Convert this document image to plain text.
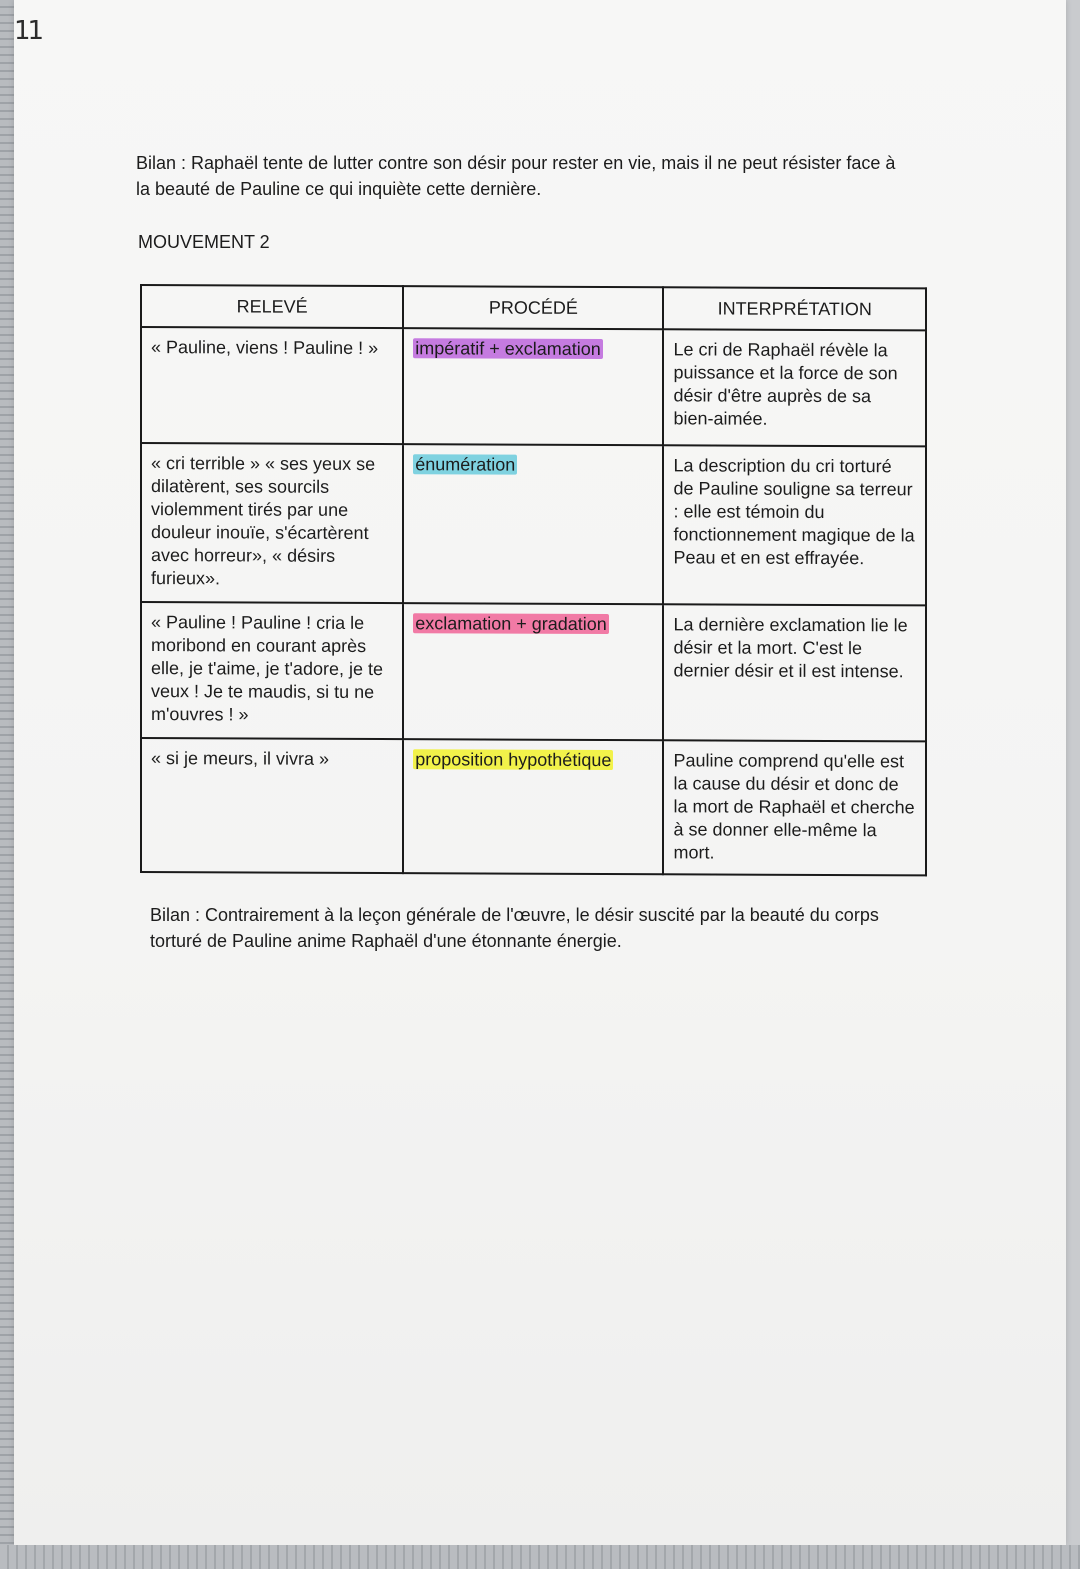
11
Bilan : Raphaël tente de lutter contre son désir pour rester en vie, mais il ne peut résister face à la beauté de Pauline ce qui inquiète cette dernière.
MOUVEMENT 2
RELEVÉ	PROCÉDÉ	INTERPRÉTATION
« Pauline, viens ! Pauline ! »	impératif + exclamation	Le cri de Raphaël révèle la puissance et la force de son désir d'être auprès de sa bien-aimée.
« cri terrible » « ses yeux se dilatèrent, ses sourcils violemment tirés par une douleur inouïe, s'écartèrent avec horreur», « désirs furieux».	énumération	La description du cri torturé de Pauline souligne sa terreur : elle est témoin du fonctionnement magique de la Peau et en est effrayée.
« Pauline ! Pauline ! cria le moribond en courant après elle, je t'aime, je t'adore, je te veux ! Je te maudis, si tu ne m'ouvres ! »	exclamation + gradation	La dernière exclamation lie le désir et la mort. C'est le dernier désir et il est intense.
« si je meurs, il vivra »	proposition hypothétique	Pauline comprend qu'elle est la cause du désir et donc de la mort de Raphaël et cherche à se donner elle-même la mort.
Bilan : Contrairement à la leçon générale de l'œuvre, le désir suscité par la beauté du corps torturé de Pauline anime Raphaël d'une étonnante énergie.
